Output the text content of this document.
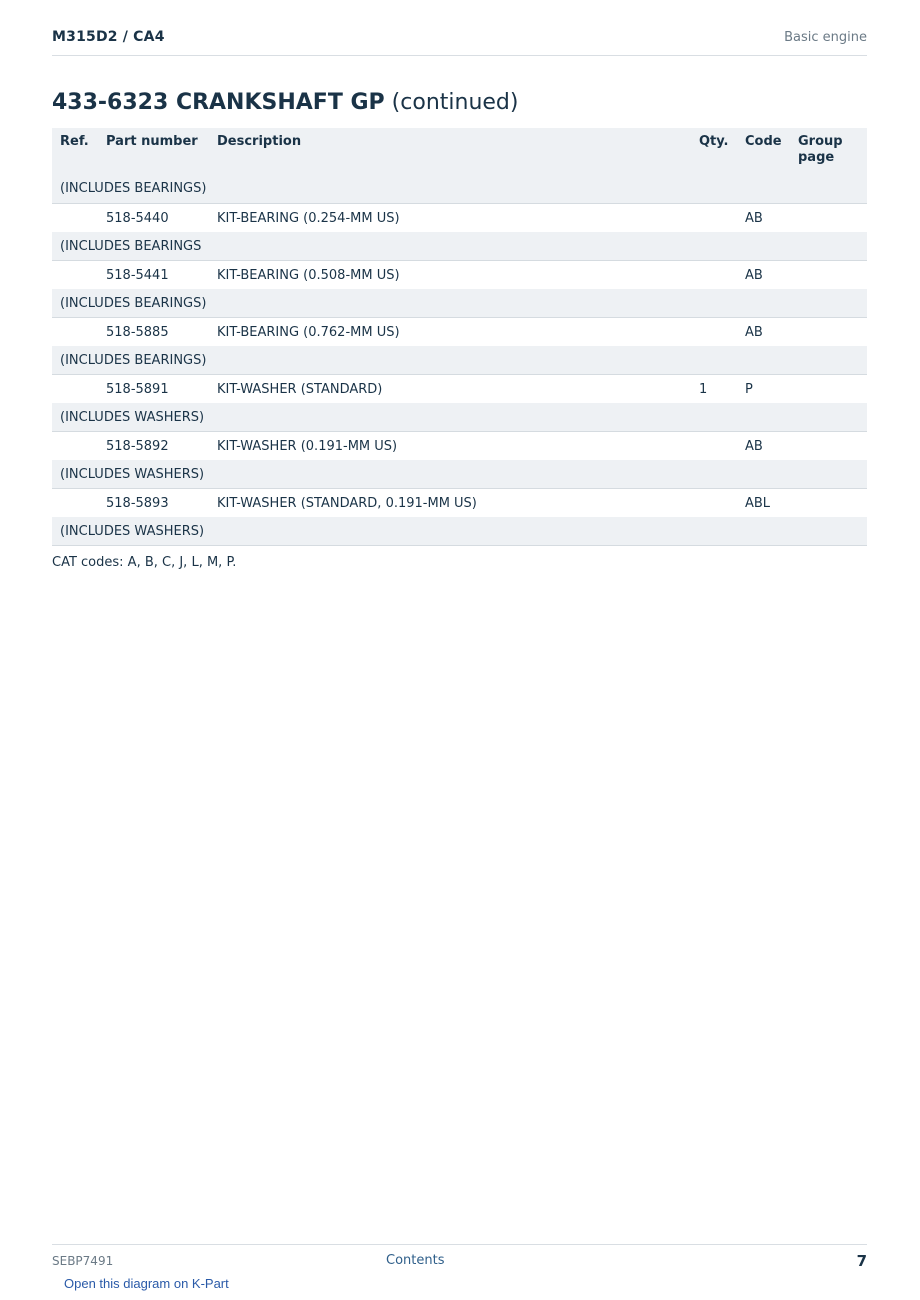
M315D2 / CA4	Basic engine
433-6323 CRANKSHAFT GP (continued)
Ref.	Part number	Description	Qty.	Code	Group
page
(INCLUDES BEARINGS)					
	518-5440	KIT-BEARING (0.254-MM US)		AB	
(INCLUDES BEARINGS					
	518-5441	KIT-BEARING (0.508-MM US)		AB	
(INCLUDES BEARINGS)					
	518-5885	KIT-BEARING (0.762-MM US)		AB	
(INCLUDES BEARINGS)					
	518-5891	KIT-WASHER (STANDARD)	1	P	
(INCLUDES WASHERS)					
	518-5892	KIT-WASHER (0.191-MM US)		AB	
(INCLUDES WASHERS)					
	518-5893	KIT-WASHER (STANDARD, 0.191-MM US)		ABL	
(INCLUDES WASHERS)					
CAT codes: A, B, C, J, L, M, P.
SEBP7491	Contents	7
Open this diagram on K-Part
